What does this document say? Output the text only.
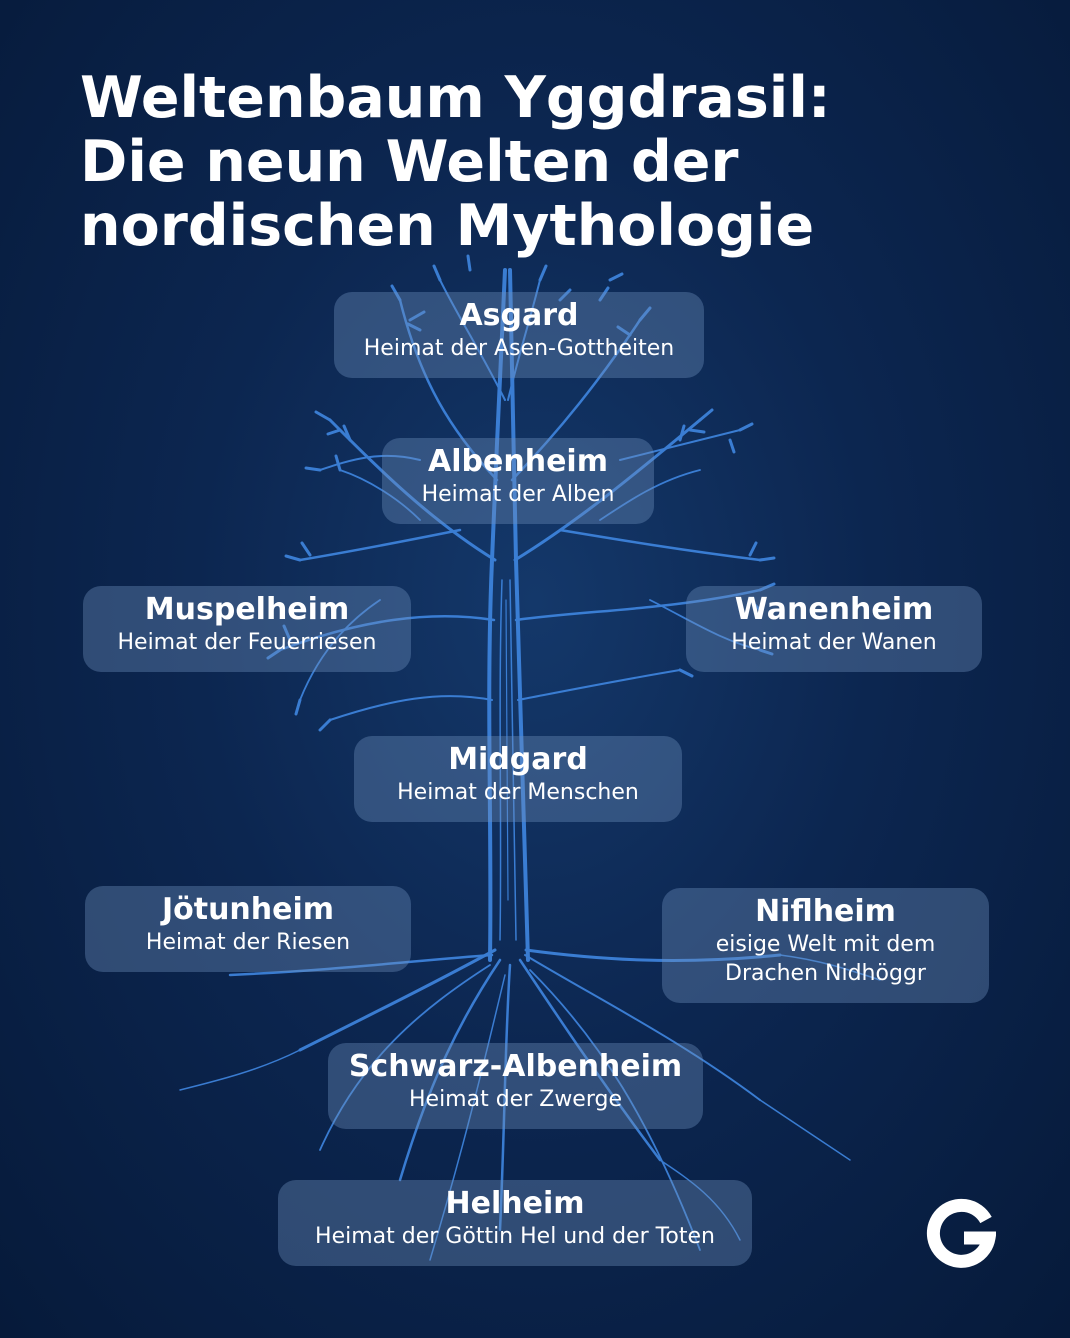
Weltenbaum Yggdrasil:
Die neun Welten der
nordischen Mythologie
Asgard
Heimat der Asen-Gottheiten
Albenheim
Heimat der Alben
Muspelheim
Heimat der Feuerriesen
Wanenheim
Heimat der Wanen
Midgard
Heimat der Menschen
Jötunheim
Heimat der Riesen
Niflheim
eisige Welt mit dem
Drachen Nidhöggr
Schwarz-Albenheim
Heimat der Zwerge
Helheim
Heimat der Göttin Hel und der Toten
